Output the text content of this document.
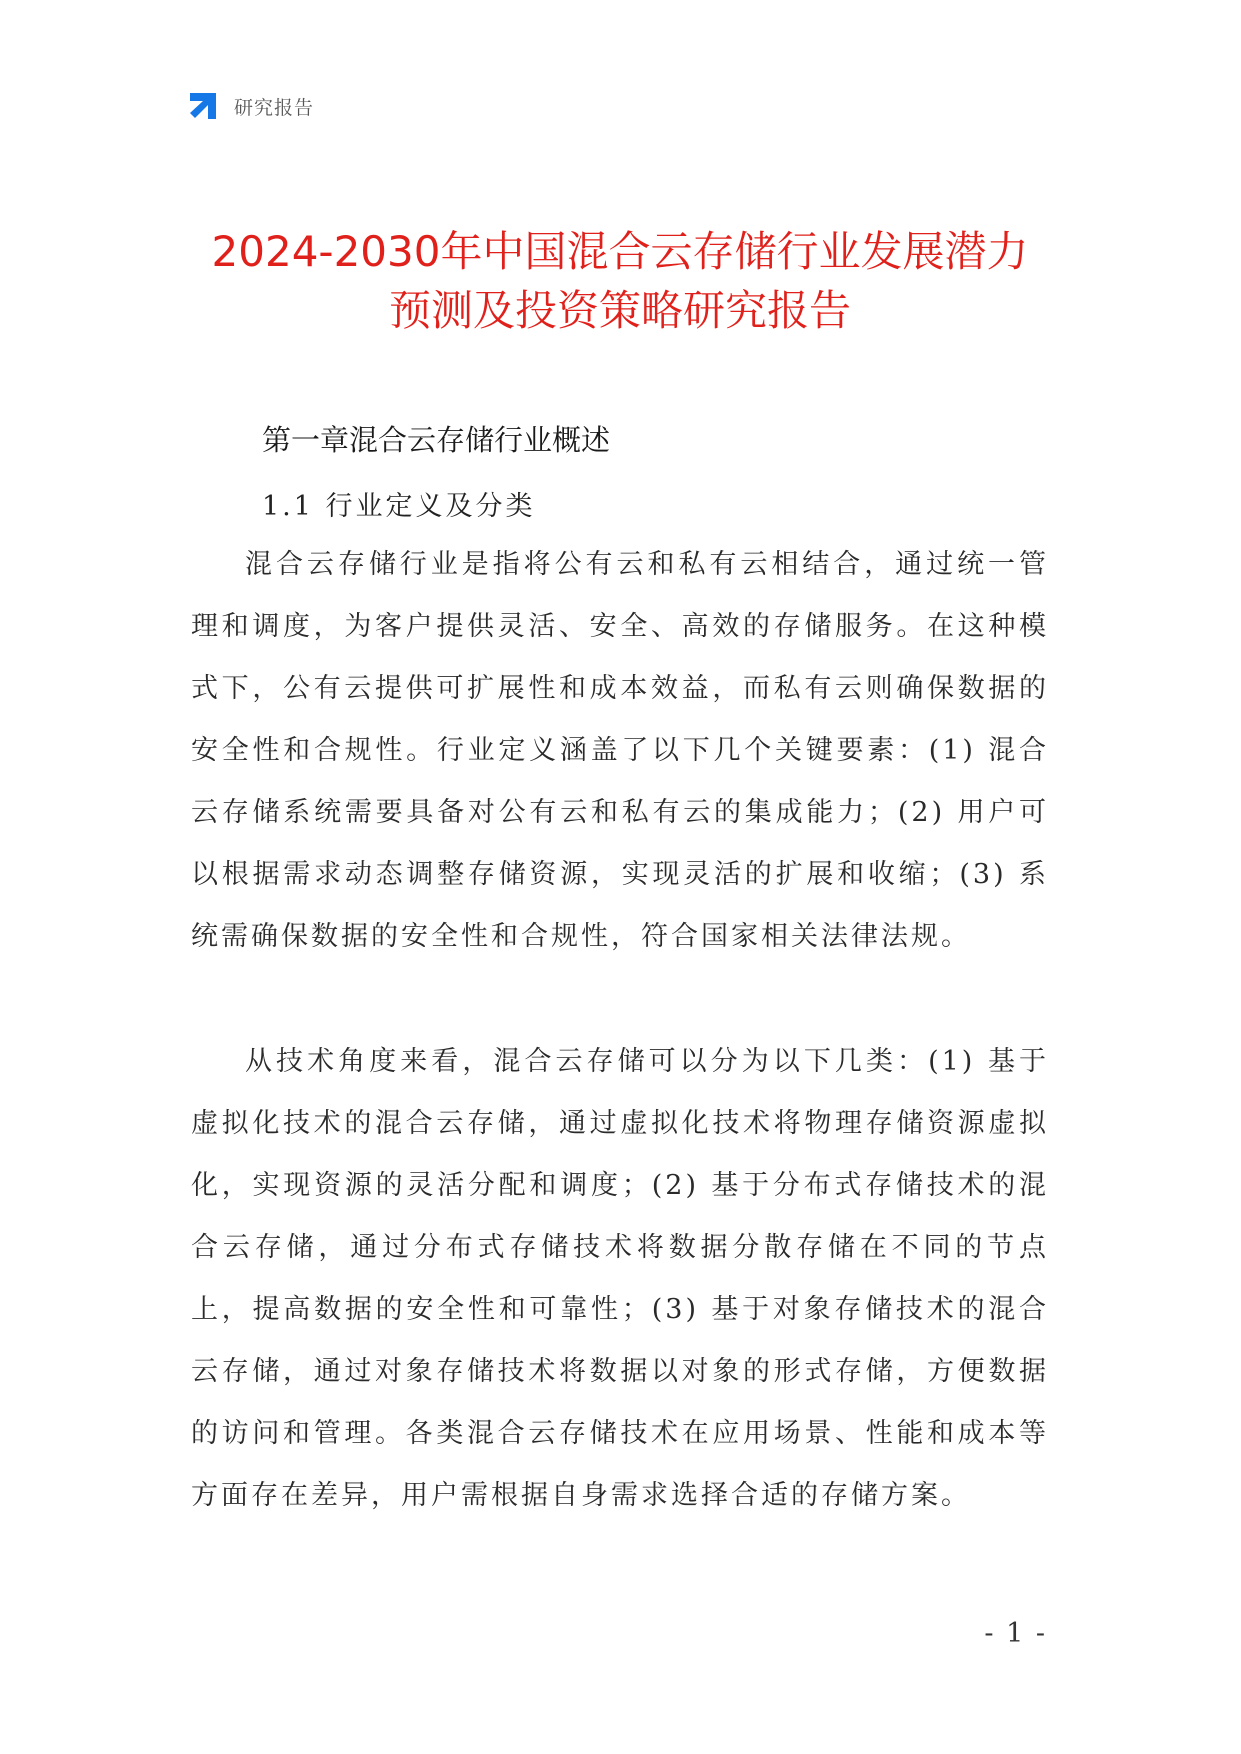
研究报告
2024-2030年中国混合云存储行业发展潜力
预测及投资策略研究报告
第一章混合云存储行业概述
1.1 行业定义及分类

混合云存储行业是指将公有云和私有云相结合，通过统一管理和调度，为客户提供灵活、安全、高效的存储服务。在这种模式下，公有云提供可扩展性和成本效益，而私有云则确保数据的安全性和合规性。行业定义涵盖了以下几个关键要素：(1) 混合云存储系统需要具备对公有云和私有云的集成能力；(2) 用户可以根据需求动态调整存储资源，实现灵活的扩展和收缩；(3) 系统需确保数据的安全性和合规性，符合国家相关法律法规。

从技术角度来看，混合云存储可以分为以下几类：(1) 基于虚拟化技术的混合云存储，通过虚拟化技术将物理存储资源虚拟化，实现资源的灵活分配和调度；(2) 基于分布式存储技术的混合云存储，通过分布式存储技术将数据分散存储在不同的节点上，提高数据的安全性和可靠性；(3) 基于对象存储技术的混合云存储，通过对象存储技术将数据以对象的形式存储，方便数据的访问和管理。各类混合云存储技术在应用场景、性能和成本等方面存在差异，用户需根据自身需求选择合适的存储方案。

- 1 -
